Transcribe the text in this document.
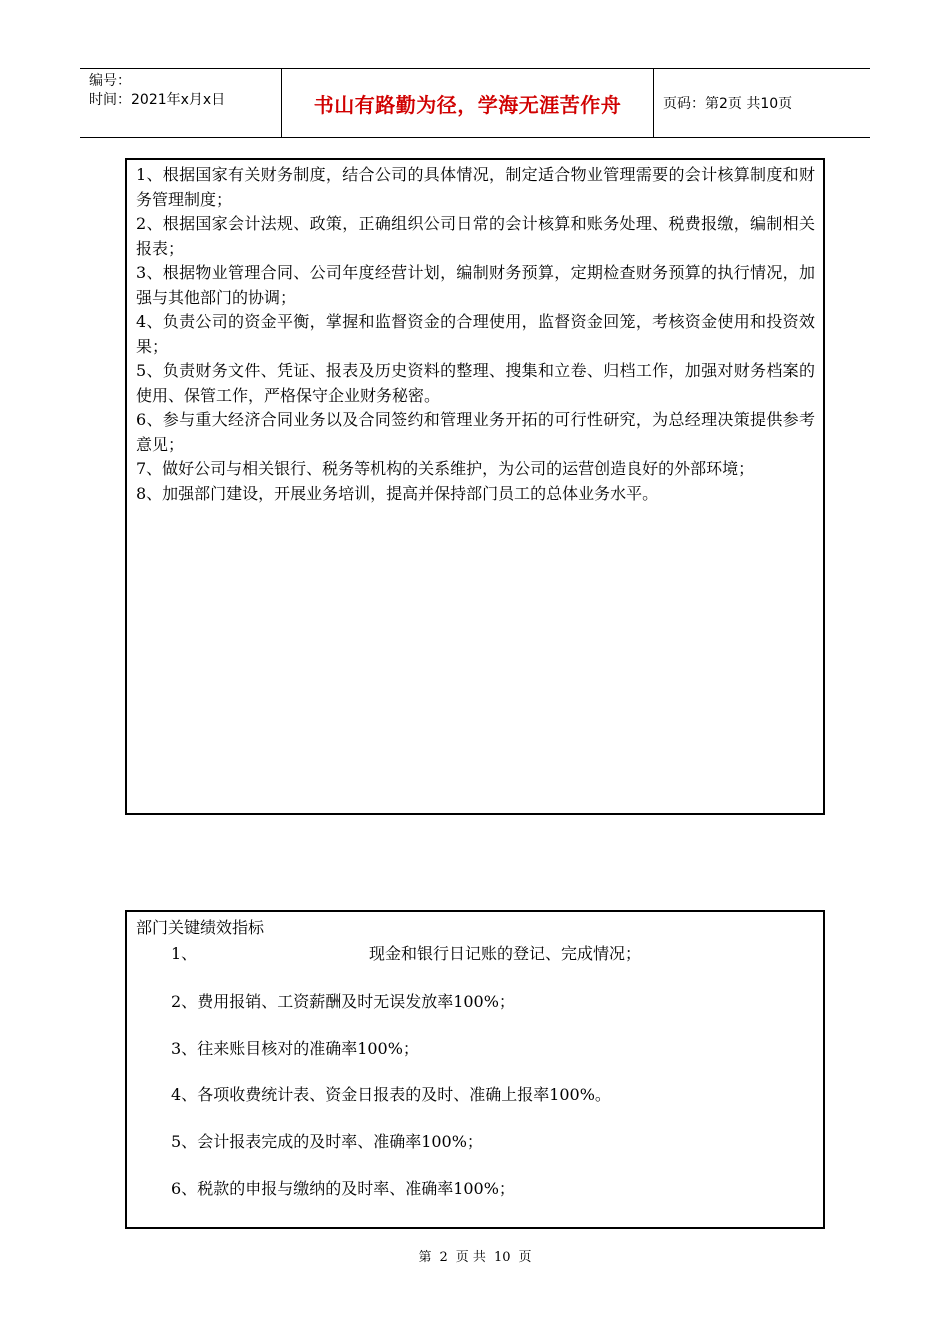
编号：
时间：2021年x月x日	书山有路勤为径，学海无涯苦作舟	页码：第2页 共10页
1、根据国家有关财务制度，结合公司的具体情况，制定适合物业管理需要的会计核算制度和财务管理制度；
2、根据国家会计法规、政策，正确组织公司日常的会计核算和账务处理、税费报缴，编制相关报表；
3、根据物业管理合同、公司年度经营计划，编制财务预算，定期检查财务预算的执行情况，加强与其他部门的协调；
4、负责公司的资金平衡，掌握和监督资金的合理使用，监督资金回笼，考核资金使用和投资效果；
5、负责财务文件、凭证、报表及历史资料的整理、搜集和立卷、归档工作，加强对财务档案的使用、保管工作，严格保守企业财务秘密。
6、参与重大经济合同业务以及合同签约和管理业务开拓的可行性研究，为总经理决策提供参考意见；
7、做好公司与相关银行、税务等机构的关系维护，为公司的运营创造良好的外部环境；
8、加强部门建设，开展业务培训，提高并保持部门员工的总体业务水平。
部门关键绩效指标
1、	现金和银行日记账的登记、完成情况；
2、费用报销、工资薪酬及时无误发放率100%；
3、往来账目核对的准确率100%；
4、各项收费统计表、资金日报表的及时、准确上报率100%。
5、会计报表完成的及时率、准确率100%；
6、税款的申报与缴纳的及时率、准确率100%；
第 2 页 共 10 页
